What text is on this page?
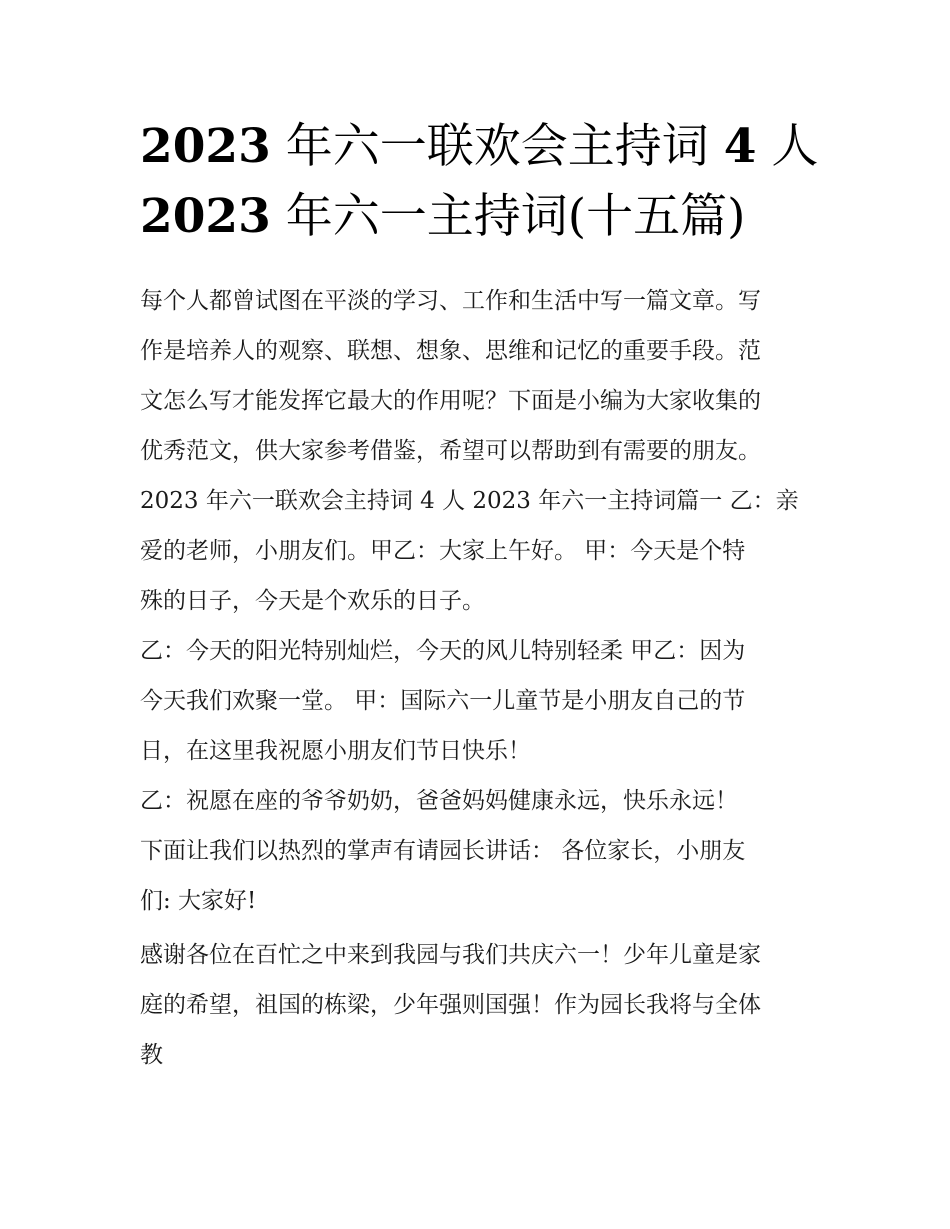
2023 年六一联欢会主持词 4 人
2023 年六一主持词(十五篇)

每个人都曾试图在平淡的学习、工作和生活中写一篇文章。写

作是培养人的观察、联想、想象、思维和记忆的重要手段。范

文怎么写才能发挥它最大的作用呢？下面是小编为大家收集的

优秀范文，供大家参考借鉴，希望可以帮助到有需要的朋友。

2023 年六一联欢会主持词 4 人 2023 年六一主持词篇一 乙：亲

爱的老师，小朋友们。甲乙：大家上午好。 甲：今天是个特

殊的日子，今天是个欢乐的日子。

乙：今天的阳光特别灿烂，今天的风儿特别轻柔 甲乙：因为

今天我们欢聚一堂。 甲：国际六一儿童节是小朋友自己的节

日，在这里我祝愿小朋友们节日快乐！

乙：祝愿在座的爷爷奶奶，爸爸妈妈健康永远，快乐永远！

下面让我们以热烈的掌声有请园长讲话： 各位家长，小朋友

们: 大家好!

感谢各位在百忙之中来到我园与我们共庆六一！少年儿童是家

庭的希望，祖国的栋梁，少年强则国强！作为园长我将与全体

教
